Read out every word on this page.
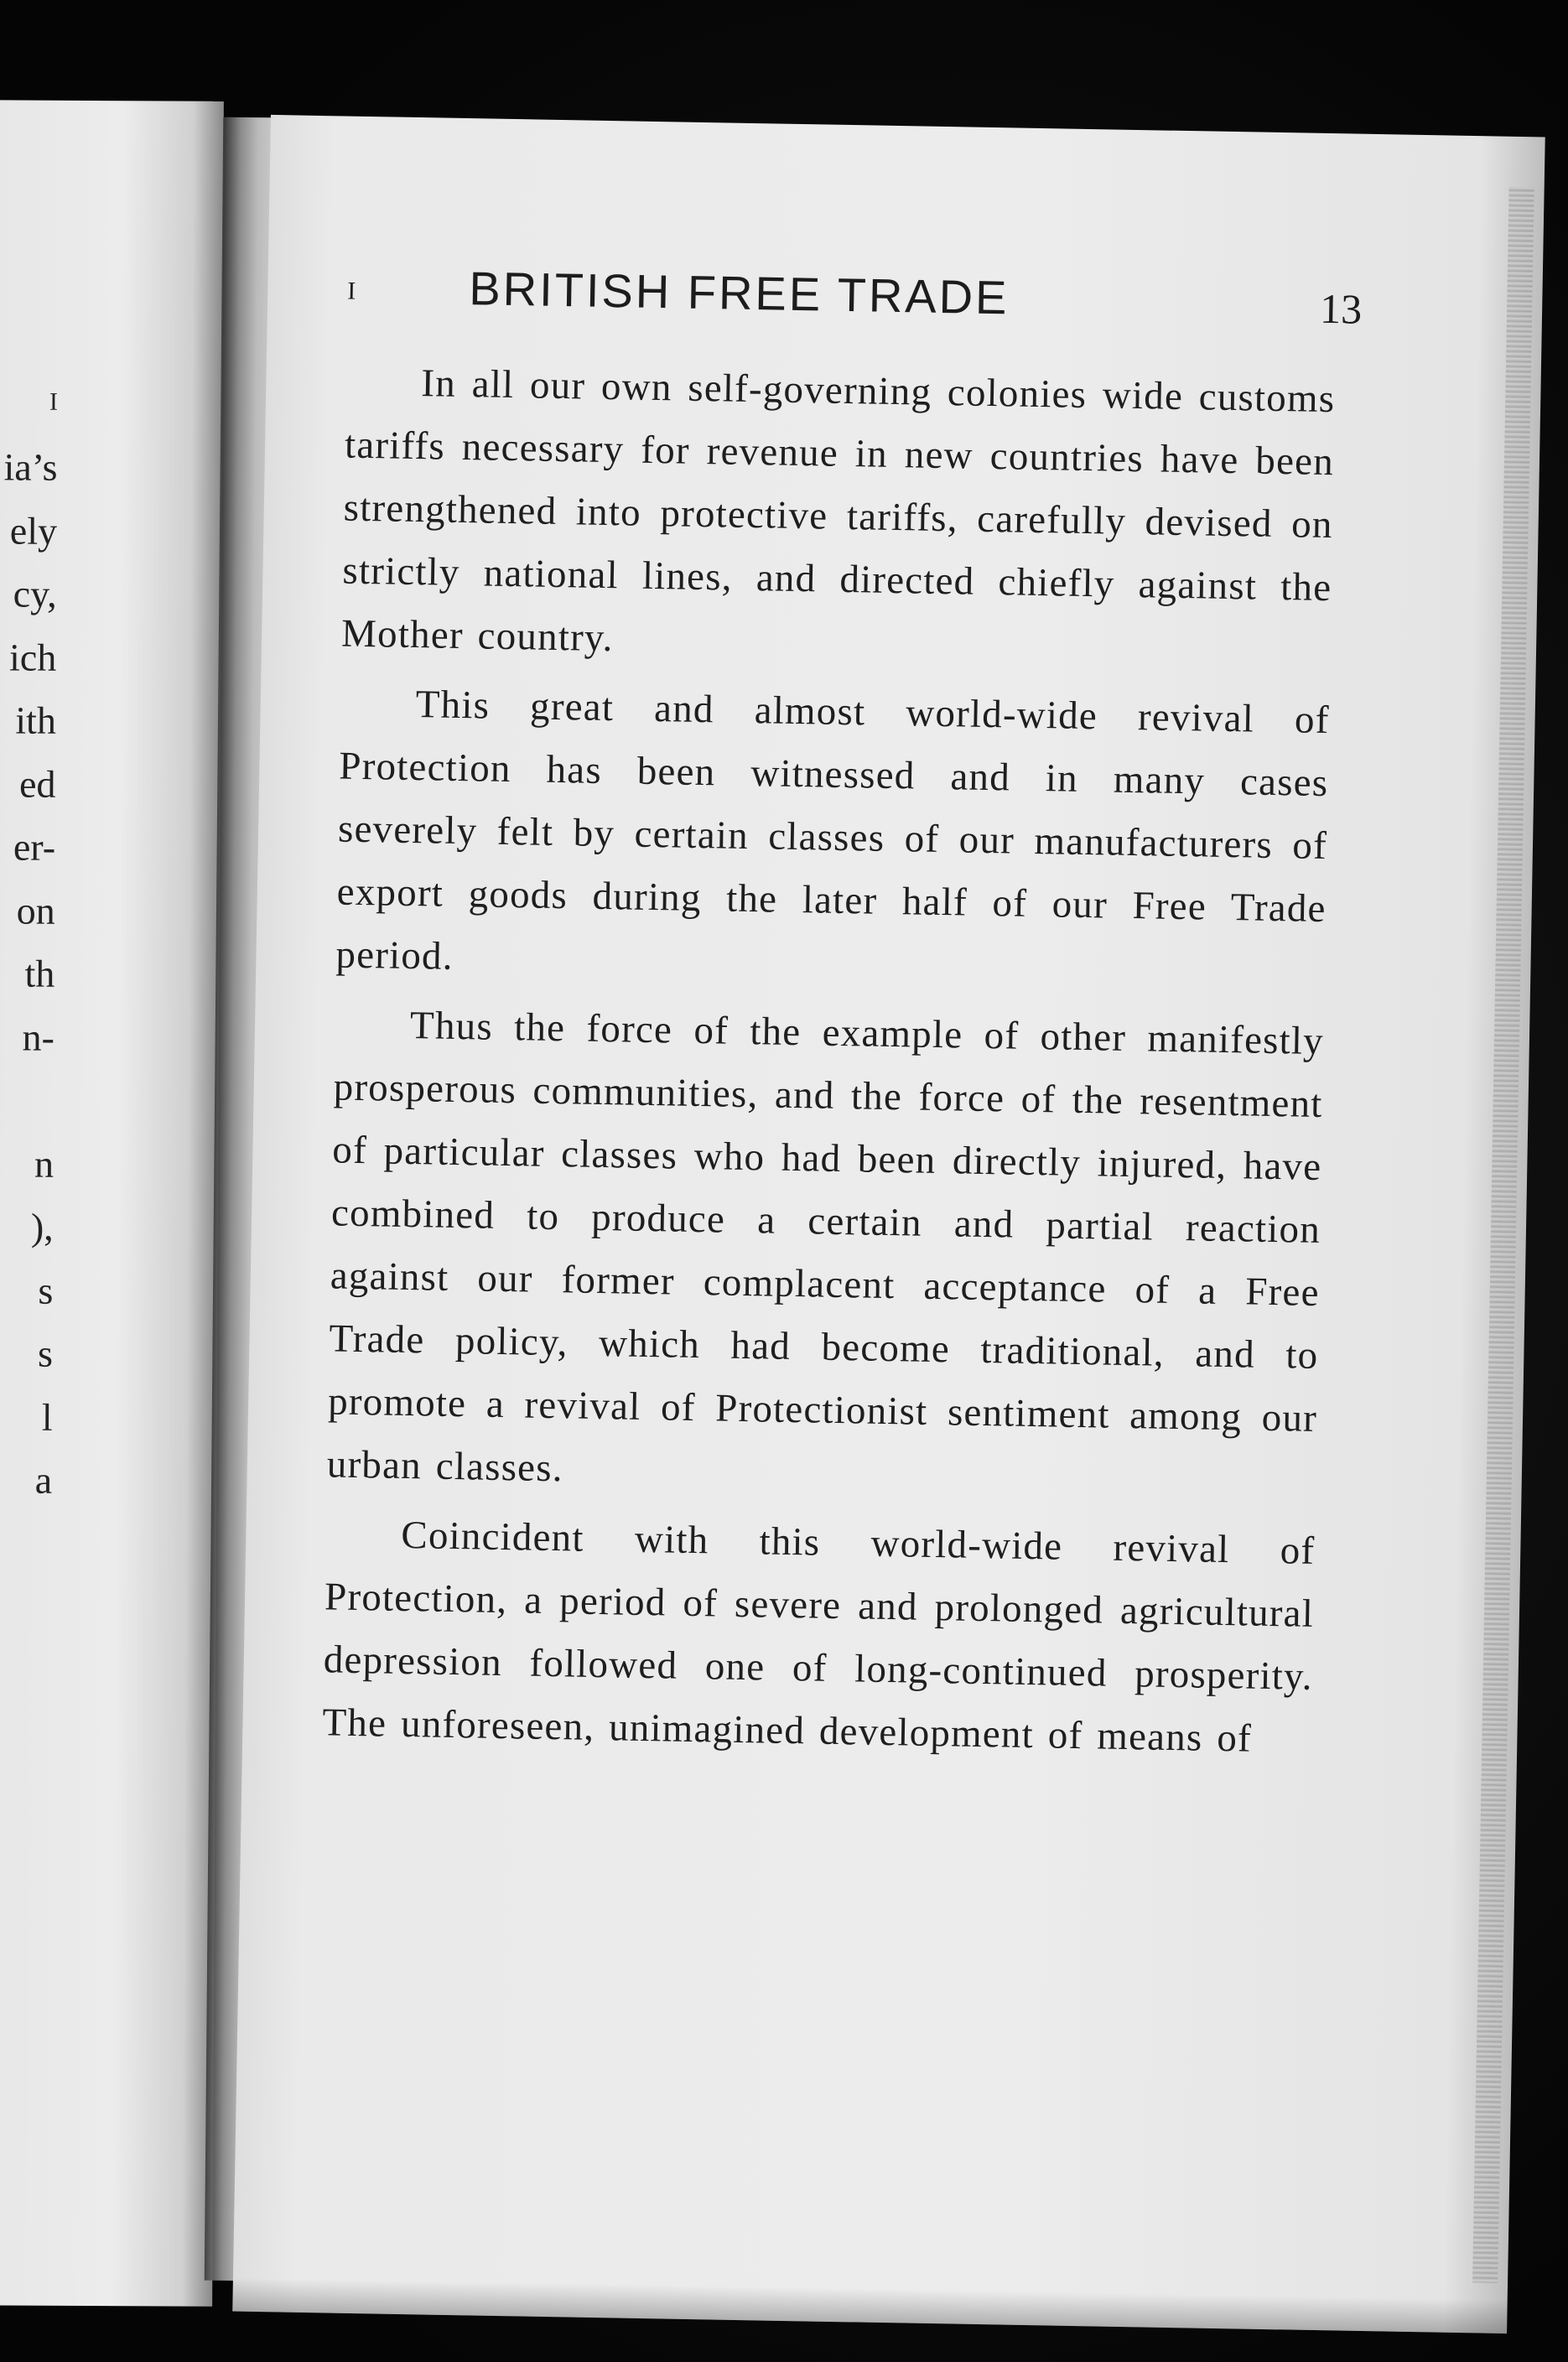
I
ia’s
ely
cy,
ich
ith
ed
er-
on
th
n-

n
),
s
s
l
a
I BRITISH FREE TRADE	13

In all our own self-governing colonies wide customs tariffs necessary for revenue in new countries have been strengthened into protective tariffs, carefully devised on strictly national lines, and directed chiefly against the Mother country.

This great and almost world-wide revival of Protection has been witnessed and in many cases severely felt by certain classes of our manufacturers of export goods during the later half of our Free Trade period.

Thus the force of the example of other manifestly prosperous communities, and the force of the resentment of particular classes who had been directly injured, have combined to produce a certain and partial reaction against our former complacent acceptance of a Free Trade policy, which had become traditional, and to promote a revival of Protectionist sentiment among our urban classes.

Coincident with this world-wide revival of Protection, a period of severe and prolonged agricultural depression followed one of long-continued prosperity. The unforeseen, unimagined development of means of
